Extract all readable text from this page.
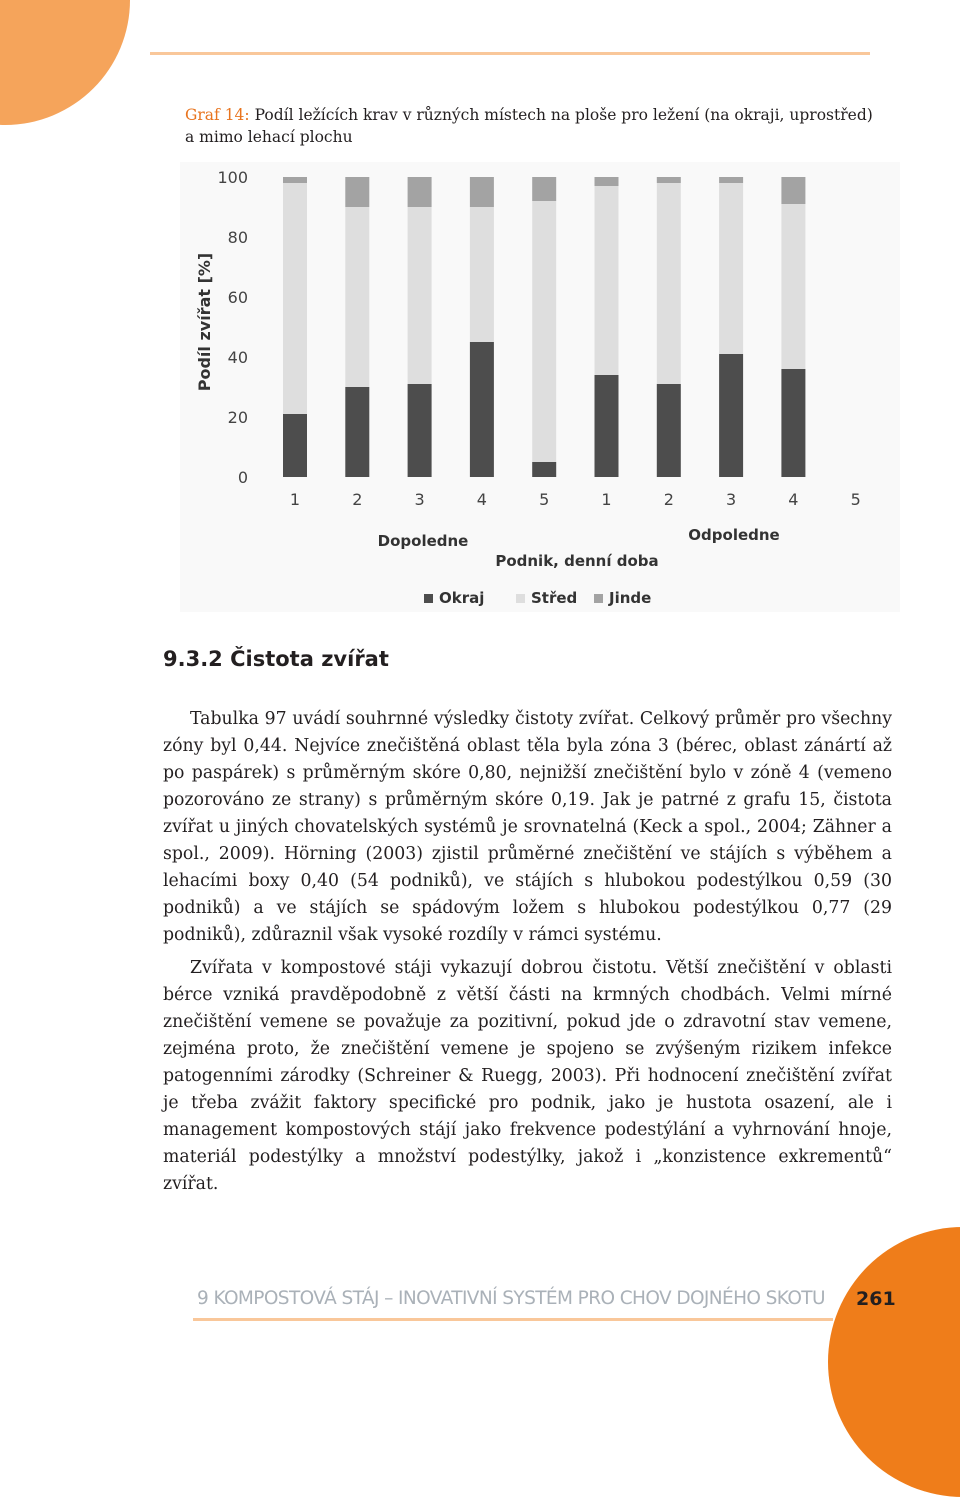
Graf 14: Podíl ležících krav v různých místech na ploše pro ležení (na okraji, uprostřed) a mimo lehací plochu
0
20
40
60
80
100
1	2	3	4	5	1	2	3	4	5
Podíl zvířat [%]
Dopoledne	Odpoledne
Podnik, denní doba
Okraj	Střed Jinde
9.3.2 Čistota zvířat
Tabulka 97 uvádí souhrnné výsledky čistoty zvířat. Celkový průměr pro všechny zóny byl 0,44. Nejvíce znečištěná oblast těla byla zóna 3 (bérec, oblast zánártí až po paspárek) s průměrným skóre 0,80, nejnižší znečištění bylo v zóně 4 (vemeno pozorováno ze strany) s průměrným skóre 0,19. Jak je patrné z grafu 15, čistota zvířat u jiných chovatelských systémů je srovnatelná (Keck a spol., 2004; Zähner a spol., 2009). Hörning (2003) zjistil průměrné znečištění ve stájích s výběhem a lehacími boxy 0,40 (54 podniků), ve stájích s hlubokou podestýlkou 0,59 (30 podniků) a ve stájích se spádovým ložem s hlubokou podestýlkou 0,77 (29 podniků), zdůraznil však vysoké rozdíly v rámci systému.
Zvířata v kompostové stáji vykazují dobrou čistotu. Větší znečištění v oblasti bérce vzniká pravděpodobně z větší části na krmných chodbách. Velmi mírné znečištění vemene se považuje za pozitivní, pokud jde o zdravotní stav vemene, zejména proto, že znečištění vemene je spojeno se zvýšeným rizikem infekce patogenními zárodky (Schreiner & Ruegg, 2003). Při hodnocení znečištění zvířat je třeba zvážit faktory specifické pro podnik, jako je hustota osazení, ale i management kompostových stájí jako frekvence podestýlání a vyhrnování hnoje, materiál podestýlky a množství podestýlky, jakož i „konzistence exkrementů“ zvířat.
9 KOMPOSTOVÁ STÁJ – INOVATIVNÍ SYSTÉM PRO CHOV DOJNÉHO SKOTU 261
